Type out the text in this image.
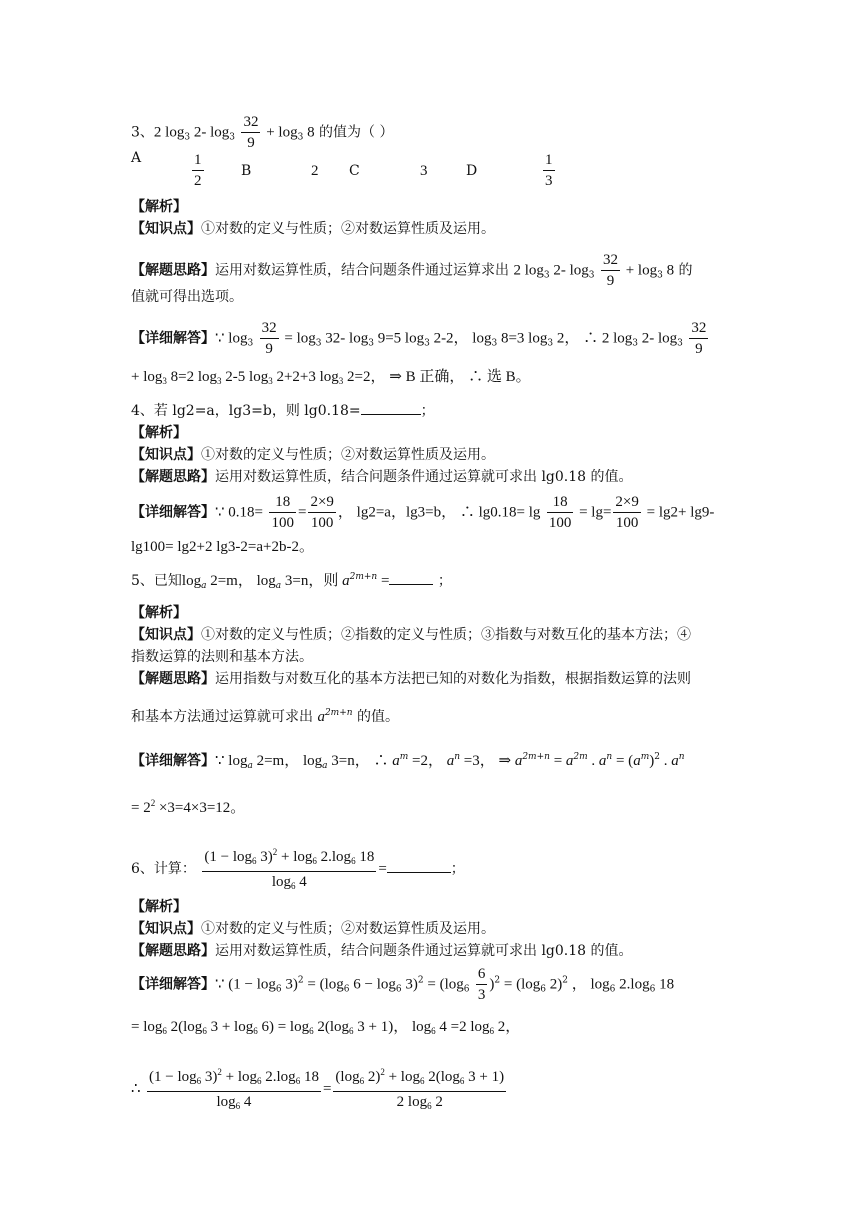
3、2 $\log_3 2-$ $\log_3 \frac{32}{9} + \log_3 8$ 的值为（ ）
A	$\frac{1}{2}$	B	2 C	3	D	$\frac{1}{3}$
【解析】
【知识点】①对数的定义与性质；②对数运算性质及运用。
【解题思路】运用对数运算性质，结合问题条件通过运算求出 2 $\log_3 2-$ $\log_3 \frac{32}{9} + \log_3 8$ 的
值就可得出选项。
【详细解答】∵ $\log_3 \frac{32}{9} = \log_3 32-$ $\log_3 9=5$ $\log_3 2-2$， $\log_3 8=3$ $\log_3 2$， ∴ 2 $\log_3 2-$ $\log_3 \frac{32}{9}$
+ $\log_3 8=2$ $\log_3 2-5$ $\log_3 2+2+3$ $\log_3 2=2$， ⇒ B 正确， ∴ 选 B。
4、若 lg2=a，lg3=b，则 lg0.18=	；
【解析】
【知识点】①对数的定义与性质；②对数运算性质及运用。
【解题思路】运用对数运算性质，结合问题条件通过运算就可求出 lg0.18 的值。
【详细解答】∵ $0.18= \frac{18}{100} = \frac{2\times 9}{100}$ ， lg2=a，lg3=b， ∴ $\lg 0.18= \lg \frac{18}{100} = \lg= \frac{2\times 9}{100} = \lg 2+ \lg 9-$
lg100= lg2+2 lg3-2=a+2b-2。
5、已知$\log_a 2=m$， $\log_a 3=n$，则 $a^{2m+n}$ =	；
【解析】
【知识点】①对数的定义与性质；②指数的定义与性质；③指数与对数互化的基本方法；④
指数运算的法则和基本方法。
【解题思路】运用指数与对数互化的基本方法把已知的对数化为指数，根据指数运算的法则
和基本方法通过运算就可求出 $a^{2m+n}$ 的值。
【详细解答】∵ $\log_a 2=m$， $\log_a 3=n$， ∴ $a^m =2$， $a^n =3$， ⇒ $a^{2m+n} = a^{2m}$ . $a^n = (a^m)^2$ . $a^n$
= $2^2 \times 3=4\times 3=12$。
6、计算： $\frac{(1 - \log_6 3)^2 + \log_6 2.\log_6 18}{\log_6 4}$ =	；
【解析】
【知识点】①对数的定义与性质；②对数运算性质及运用。
【解题思路】运用对数运算性质，结合问题条件通过运算就可求出 lg0.18 的值。
【详细解答】∵ $(1 - \log_6 3)^2 = (\log_6$ $6 - \log_6 3)^2 = (\log_6 \frac{6}{3} )^2 = (\log_6$ 2)$^2$ ， $\log_6 2.\log_6$ 18
= $\log_6 2(\log_6$ $3 + \log_6 6) = \log_6 2(\log_6$ 3 + 1)， $\log_6 4 =2$ $\log_6 2$，
∴ $\frac{(1 - \log_6 3)^2 + \log_6 2.\log_6 18}{\log_6 4} = \frac{(\log_6 2)^2 + \log_6 2(\log_6 3 + 1)}{2 \log_6 2}$
